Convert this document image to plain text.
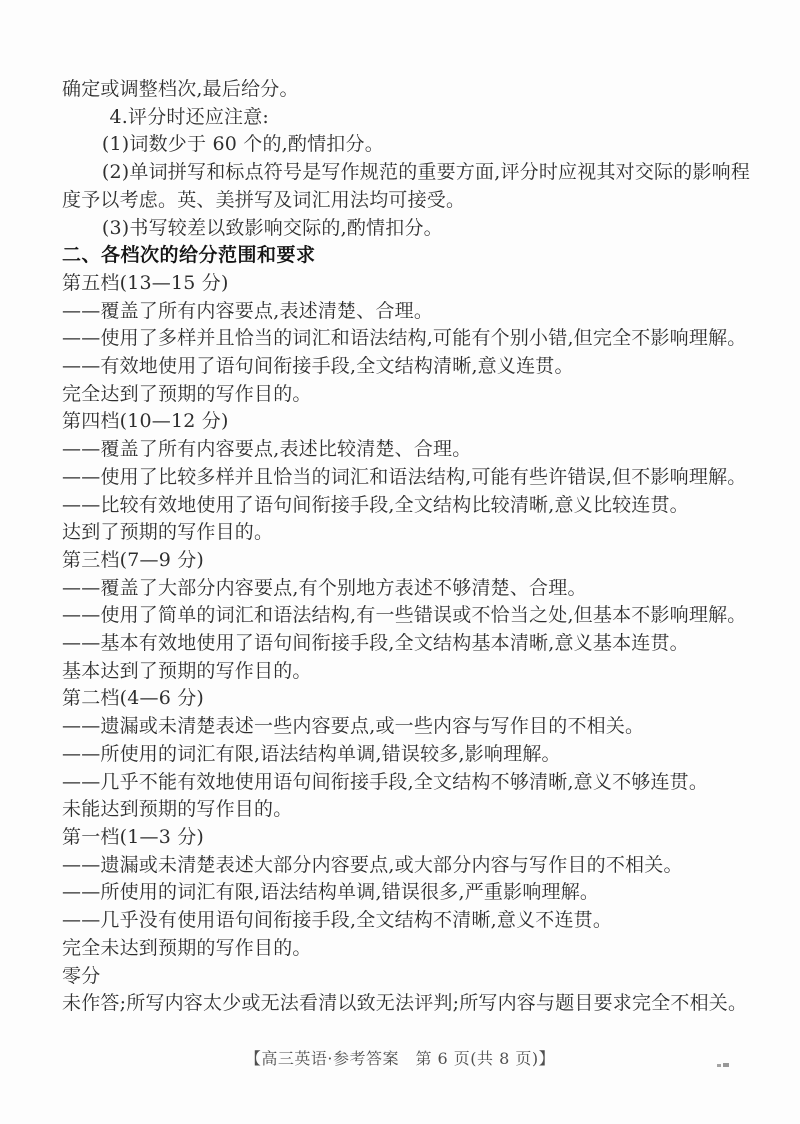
确定或调整档次,最后给分。

4.评分时还应注意:

(1)词数少于 60 个的,酌情扣分。

(2)单词拼写和标点符号是写作规范的重要方面,评分时应视其对交际的影响程度予以考虑。英、美拼写及词汇用法均可接受。

(3)书写较差以致影响交际的,酌情扣分。

二、各档次的给分范围和要求

第五档(13—15 分)

——覆盖了所有内容要点,表述清楚、合理。

——使用了多样并且恰当的词汇和语法结构,可能有个别小错,但完全不影响理解。

——有效地使用了语句间衔接手段,全文结构清晰,意义连贯。

完全达到了预期的写作目的。

第四档(10—12 分)

——覆盖了所有内容要点,表述比较清楚、合理。

——使用了比较多样并且恰当的词汇和语法结构,可能有些许错误,但不影响理解。

——比较有效地使用了语句间衔接手段,全文结构比较清晰,意义比较连贯。

达到了预期的写作目的。

第三档(7—9 分)

——覆盖了大部分内容要点,有个别地方表述不够清楚、合理。

——使用了简单的词汇和语法结构,有一些错误或不恰当之处,但基本不影响理解。

——基本有效地使用了语句间衔接手段,全文结构基本清晰,意义基本连贯。

基本达到了预期的写作目的。

第二档(4—6 分)

——遗漏或未清楚表述一些内容要点,或一些内容与写作目的不相关。

——所使用的词汇有限,语法结构单调,错误较多,影响理解。

——几乎不能有效地使用语句间衔接手段,全文结构不够清晰,意义不够连贯。

未能达到预期的写作目的。

第一档(1—3 分)

——遗漏或未清楚表述大部分内容要点,或大部分内容与写作目的不相关。

——所使用的词汇有限,语法结构单调,错误很多,严重影响理解。

——几乎没有使用语句间衔接手段,全文结构不清晰,意义不连贯。

完全未达到预期的写作目的。

零分

未作答;所写内容太少或无法看清以致无法评判;所写内容与题目要求完全不相关。

【高三英语·参考答案　第 6 页(共 8 页)】
